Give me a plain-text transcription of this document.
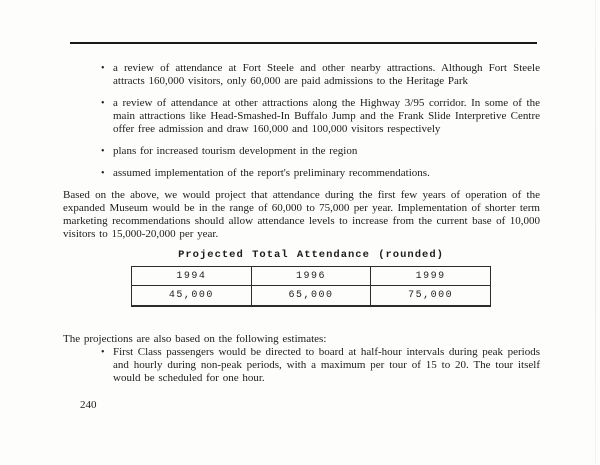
• a review of attendance at Fort Steele and other nearby attractions. Although Fort Steele attracts 160,000 visitors, only 60,000 are paid admissions to the Heritage Park
• a review of attendance at other attractions along the Highway 3/95 corridor. In some of the main attractions like Head-Smashed-In Buffalo Jump and the Frank Slide Interpretive Centre offer free admission and draw 160,000 and 100,000 visitors respectively
• plans for increased tourism development in the region
• assumed implementation of the report's preliminary recommendations.

Based on the above, we would project that attendance during the first few years of operation of the expanded Museum would be in the range of 60,000 to 75,000 per year. Implementation of shorter term marketing recommendations should allow attendance levels to increase from the current base of 10,000 visitors to 15,000-20,000 per year.

Projected Total Attendance (rounded)
1994	1996	1999
45,000	65,000	75,000

The projections are also based on the following estimates:

• First Class passengers would be directed to board at half-hour intervals during peak periods and hourly during non-peak periods, with a maximum per tour of 15 to 20. The tour itself would be scheduled for one hour.
240
